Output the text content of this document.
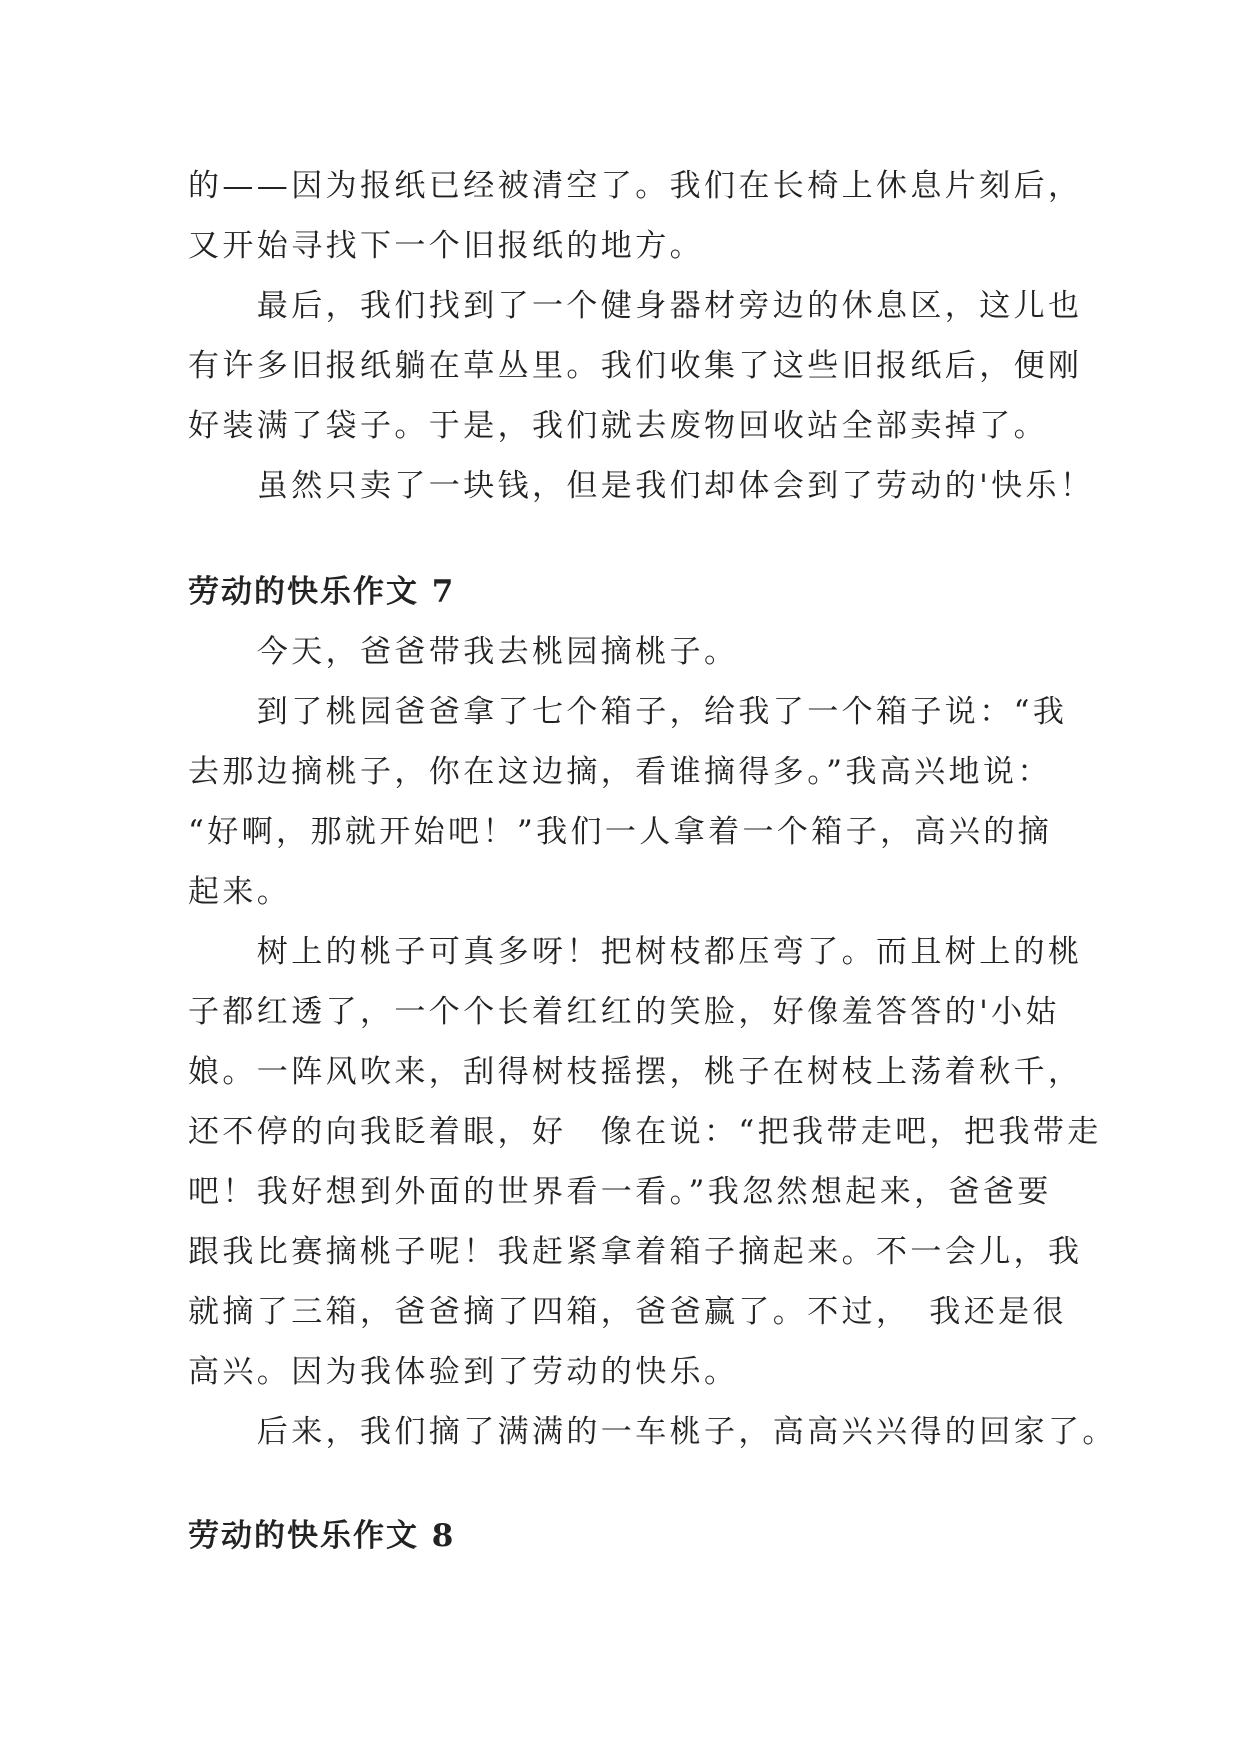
的——因为报纸已经被清空了。我们在长椅上休息片刻后，

又开始寻找下一个旧报纸的地方。

　　最后，我们找到了一个健身器材旁边的休息区，这儿也

有许多旧报纸躺在草丛里。我们收集了这些旧报纸后，便刚

好装满了袋子。于是，我们就去废物回收站全部卖掉了。

　　虽然只卖了一块钱，但是我们却体会到了劳动的'快乐！

劳动的快乐作文 7

　　今天，爸爸带我去桃园摘桃子。

　　到了桃园爸爸拿了七个箱子，给我了一个箱子说：“我

去那边摘桃子，你在这边摘，看谁摘得多。”我高兴地说：

“好啊，那就开始吧！”我们一人拿着一个箱子，高兴的摘

起来。

　　树上的桃子可真多呀！把树枝都压弯了。而且树上的桃

子都红透了，一个个长着红红的笑脸，好像羞答答的'小姑

娘。一阵风吹来，刮得树枝摇摆，桃子在树枝上荡着秋千，

还不停的向我眨着眼，好　像在说：“把我带走吧，把我带走

吧！我好想到外面的世界看一看。”我忽然想起来，爸爸要

跟我比赛摘桃子呢！我赶紧拿着箱子摘起来。不一会儿，我

就摘了三箱，爸爸摘了四箱，爸爸赢了。不过，　我还是很

高兴。因为我体验到了劳动的快乐。

　　后来，我们摘了满满的一车桃子，高高兴兴得的回家了。

劳动的快乐作文 8
